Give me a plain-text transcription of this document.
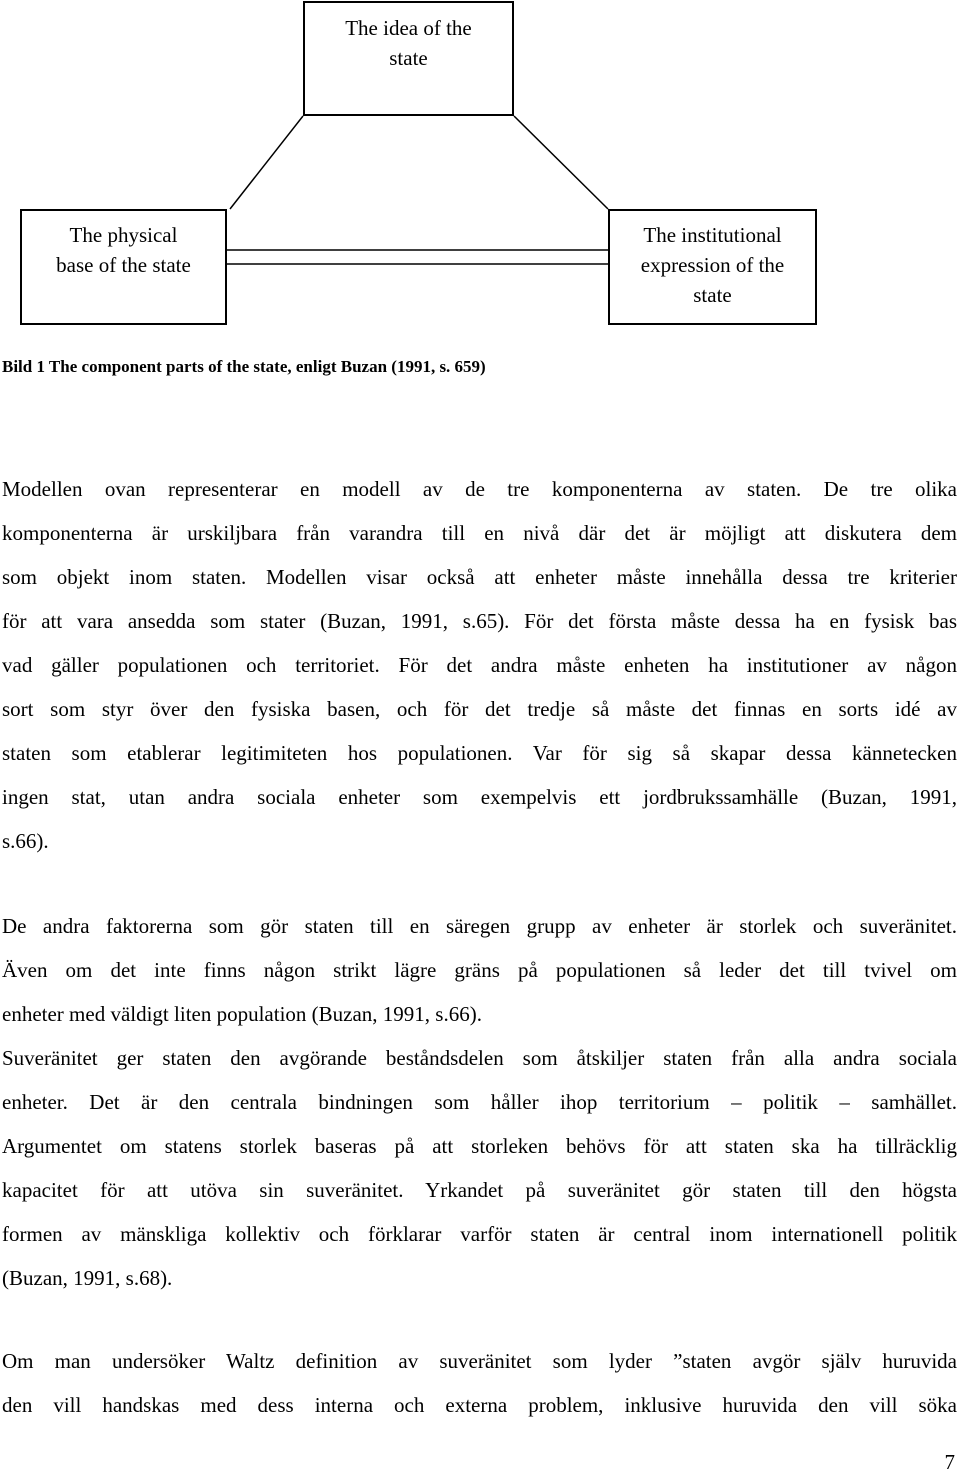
The idea of the
state
The physical
base of the state
The institutional
expression of the
state
Bild 1 The component parts of the state, enligt Buzan (1991, s. 659)
Modellen ovan representerar en modell av de tre komponenterna av staten. De tre olika
komponenterna är urskiljbara från varandra till en nivå där det är möjligt att diskutera dem
som objekt inom staten. Modellen visar också att enheter måste innehålla dessa tre kriterier
för att vara ansedda som stater (Buzan, 1991, s.65). För det första måste dessa ha en fysisk bas
vad gäller populationen och territoriet. För det andra måste enheten ha institutioner av någon
sort som styr över den fysiska basen, och för det tredje så måste det finnas en sorts idé av
staten som etablerar legitimiteten hos populationen. Var för sig så skapar dessa kännetecken
ingen stat, utan andra sociala enheter som exempelvis ett jordbrukssamhälle (Buzan, 1991,
s.66).
De andra faktorerna som gör staten till en säregen grupp av enheter är storlek och suveränitet.
Även om det inte finns någon strikt lägre gräns på populationen så leder det till tvivel om
enheter med väldigt liten population (Buzan, 1991, s.66).
Suveränitet ger staten den avgörande beståndsdelen som åtskiljer staten från alla andra sociala
enheter. Det är den centrala bindningen som håller ihop territorium – politik – samhället.
Argumentet om statens storlek baseras på att storleken behövs för att staten ska ha tillräcklig
kapacitet för att utöva sin suveränitet. Yrkandet på suveränitet gör staten till den högsta
formen av mänskliga kollektiv och förklarar varför staten är central inom internationell politik
(Buzan, 1991, s.68).
Om man undersöker Waltz definition av suveränitet som lyder ”staten avgör själv huruvida
den vill handskas med dess interna och externa problem, inklusive huruvida den vill söka
7
